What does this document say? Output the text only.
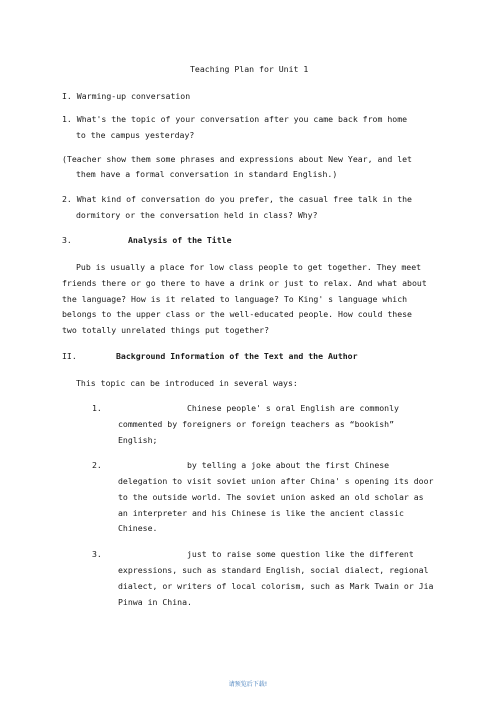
Teaching Plan for Unit 1
I. Warming-up conversation
1. What's the topic of your conversation after you came back from home
to the campus yesterday?
(Teacher show them some phrases and expressions about New Year, and let
them have a formal conversation in standard English.)
2. What kind of conversation do you prefer, the casual free talk in the
dormitory or the conversation held in class? Why?
3.	Analysis of the Title
Pub is usually a place for low class people to get together. They meet
friends there or go there to have a drink or just to relax. And what about
the language? How is it related to language? To King' s language which
belongs to the upper class or the well-educated people. How could these
two totally unrelated things put together?
II.	Background Information of the Text and the Author
This topic can be introduced in several ways:
1.	Chinese people' s oral English are commonly
commented by foreigners or foreign teachers as “bookish”
English;
2.	by telling a joke about the first Chinese
delegation to visit soviet union after China' s opening its door
to the outside world. The soviet union asked an old scholar as
an interpreter and his Chinese is like the ancient classic
Chinese.
3.	just to raise some question like the different
expressions, such as standard English, social dialect, regional
dialect, or writers of local colorism, such as Mark Twain or Jia
Pinwa in China.
请预览后下载!
